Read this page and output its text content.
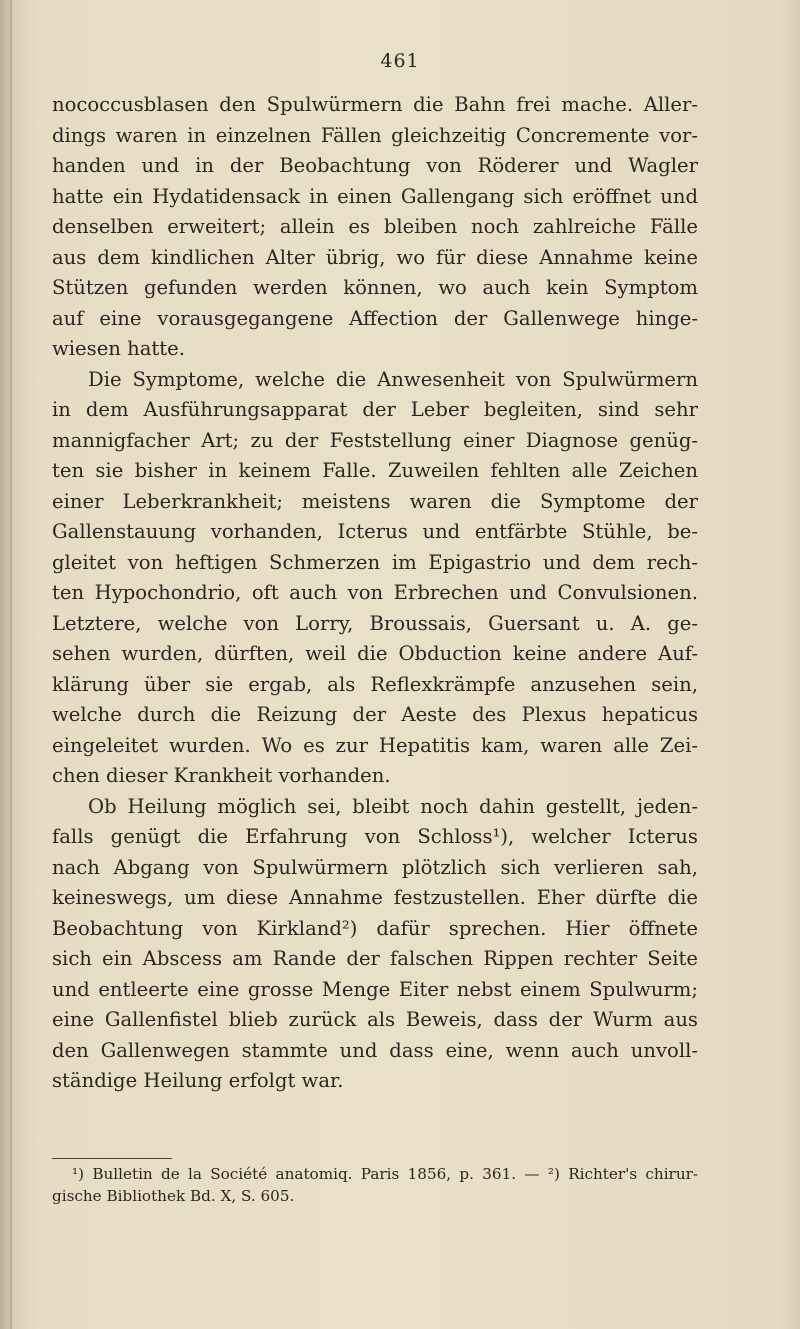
461
nococcusblasen den Spulwürmern die Bahn frei mache. Aller-
dings waren in einzelnen Fällen gleichzeitig Concremente vor-
handen und in der Beobachtung von Röderer und Wagler
hatte ein Hydatidensack in einen Gallengang sich eröffnet und
denselben erweitert; allein es bleiben noch zahlreiche Fälle
aus dem kindlichen Alter übrig, wo für diese Annahme keine
Stützen gefunden werden können, wo auch kein Symptom
auf eine vorausgegangene Affection der Gallenwege hinge-
wiesen hatte.
Die Symptome, welche die Anwesenheit von Spulwürmern
in dem Ausführungsapparat der Leber begleiten, sind sehr
mannigfacher Art; zu der Feststellung einer Diagnose genüg-
ten sie bisher in keinem Falle. Zuweilen fehlten alle Zeichen
einer Leberkrankheit; meistens waren die Symptome der
Gallenstauung vorhanden, Icterus und entfärbte Stühle, be-
gleitet von heftigen Schmerzen im Epigastrio und dem rech-
ten Hypochondrio, oft auch von Erbrechen und Convulsionen.
Letztere, welche von Lorry, Broussais, Guersant u. A. ge-
sehen wurden, dürften, weil die Obduction keine andere Auf-
klärung über sie ergab, als Reflexkrämpfe anzusehen sein,
welche durch die Reizung der Aeste des Plexus hepaticus
eingeleitet wurden. Wo es zur Hepatitis kam, waren alle Zei-
chen dieser Krankheit vorhanden.
Ob Heilung möglich sei, bleibt noch dahin gestellt, jeden-
falls genügt die Erfahrung von Schloss¹), welcher Icterus
nach Abgang von Spulwürmern plötzlich sich verlieren sah,
keineswegs, um diese Annahme festzustellen. Eher dürfte die
Beobachtung von Kirkland²) dafür sprechen. Hier öffnete
sich ein Abscess am Rande der falschen Rippen rechter Seite
und entleerte eine grosse Menge Eiter nebst einem Spulwurm;
eine Gallenfistel blieb zurück als Beweis, dass der Wurm aus
den Gallenwegen stammte und dass eine, wenn auch unvoll-
ständige Heilung erfolgt war.
¹) Bulletin de la Société anatomiq. Paris 1856, p. 361. — ²) Richter's chirur-
gische Bibliothek Bd. X, S. 605.
